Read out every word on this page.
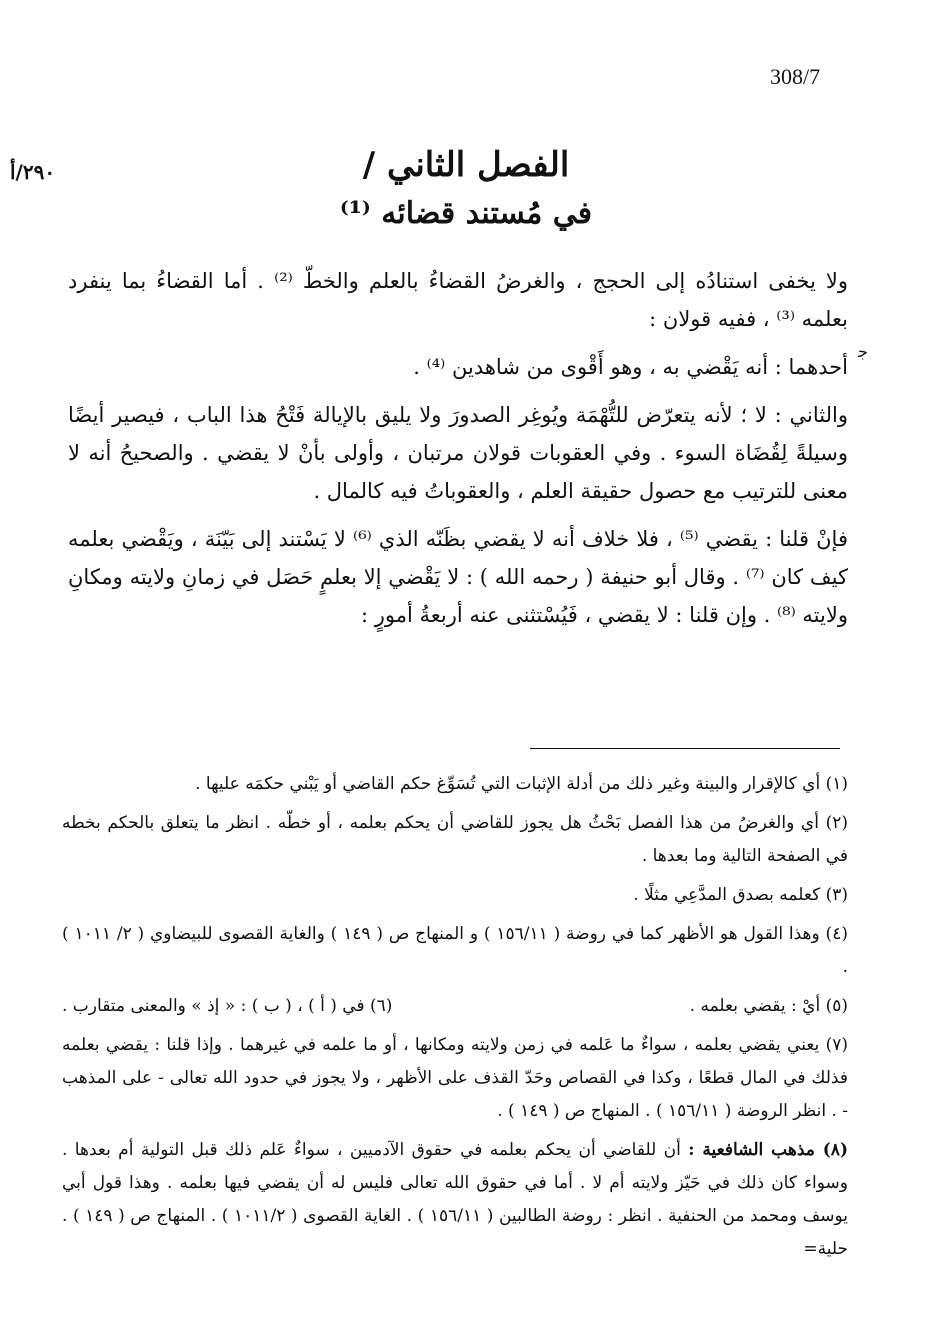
308/7
٢٩٠/أ	الفصل الثاني /
في مُستند قضائه ⁽¹⁾
ﺟ

ولا يخفى استنادُه إلى الحجج ، والغرضُ القضاءُ بالعلم والخطّ ⁽²⁾ . أما القضاءُ بما ينفرد بعلمه ⁽³⁾ ، ففيه قولان :

أحدهما : أنه يَقْضي به ، وهو أَقْوى من شاهدين ⁽⁴⁾ .

والثاني : لا ؛ لأنه يتعرّض للتُّهْمَة ويُوغِر الصدورَ ولا يليق بالإيالة فَتْحُ هذا الباب ، فيصير أيضًا وسيلةً لِقُضَاة السوء . وفي العقوبات قولان مرتبان ، وأولى بأنْ لا يقضي . والصحيحُ أنه لا معنى للترتيب مع حصول حقيقة العلم ، والعقوباتُ فيه كالمال .

فإنْ قلنا : يقضي ⁽⁵⁾ ، فلا خلاف أنه لا يقضي بظَنّه الذي ⁽⁶⁾ لا يَسْتند إلى بَيّنَة ، ويَقْضي بعلمه كيف كان ⁽⁷⁾ . وقال أبو حنيفة ( رحمه الله ) : لا يَقْضي إلا بعلمٍ حَصَل في زمانِ ولايته ومكانِ ولايته ⁽⁸⁾ . وإن قلنا : لا يقضي ، فَيُسْتثنى عنه أربعةُ أمورٍ :

(١) أي كالإقرار والبينة وغير ذلك من أدلة الإثبات التي تُسَوِّغ حكم القاضي أو يَبْني حكمَه عليها .

(٢) أي والغرضُ من هذا الفصل بَحْثُ هل يجوز للقاضي أن يحكم بعلمه ، أو خطّه . انظر ما يتعلق بالحكم بخطه في الصفحة التالية وما بعدها .

(٣) كعلمه بصدق المدَّعِي مثلًا .

(٤) وهذا القول هو الأظهر كما في روضة ( ١٥٦/١١ ) و المنهاج ص ( ١٤٩ ) والغاية القصوى للبيضاوي ( ٢/ ١٠١١ ) .

(٥) أيْ : يقضي بعلمه .
(٦) في ( أ ) ، ( ب ) : « إذ » والمعنى متقارب .

(٧) يعني يقضي بعلمه ، سواءٌ ما عَلمه في زمن ولايته ومكانها ، أو ما علمه في غيرهما . وإذا قلنا : يقضي بعلمه فذلك في المال قطعًا ، وكذا في القصاص وحَدّ القذف على الأظهر ، ولا يجوز في حدود الله تعالى - على المذهب - . انظر الروضة ( ١٥٦/١١ ) . المنهاج ص ( ١٤٩ ) .

(٨) مذهب الشافعية : أن للقاضي أن يحكم بعلمه في حقوق الآدميين ، سواءٌ عَلم ذلك قبل التولية أم بعدها . وسواء كان ذلك في حَيّز ولايته أم لا . أما في حقوق الله تعالى فليس له أن يقضي فيها بعلمه . وهذا قول أبي يوسف ومحمد من الحنفية . انظر : روضة الطالبين ( ١٥٦/١١ ) . الغاية القصوى ( ١٠١١/٢ ) . المنهاج ص ( ١٤٩ ) . حلية=
